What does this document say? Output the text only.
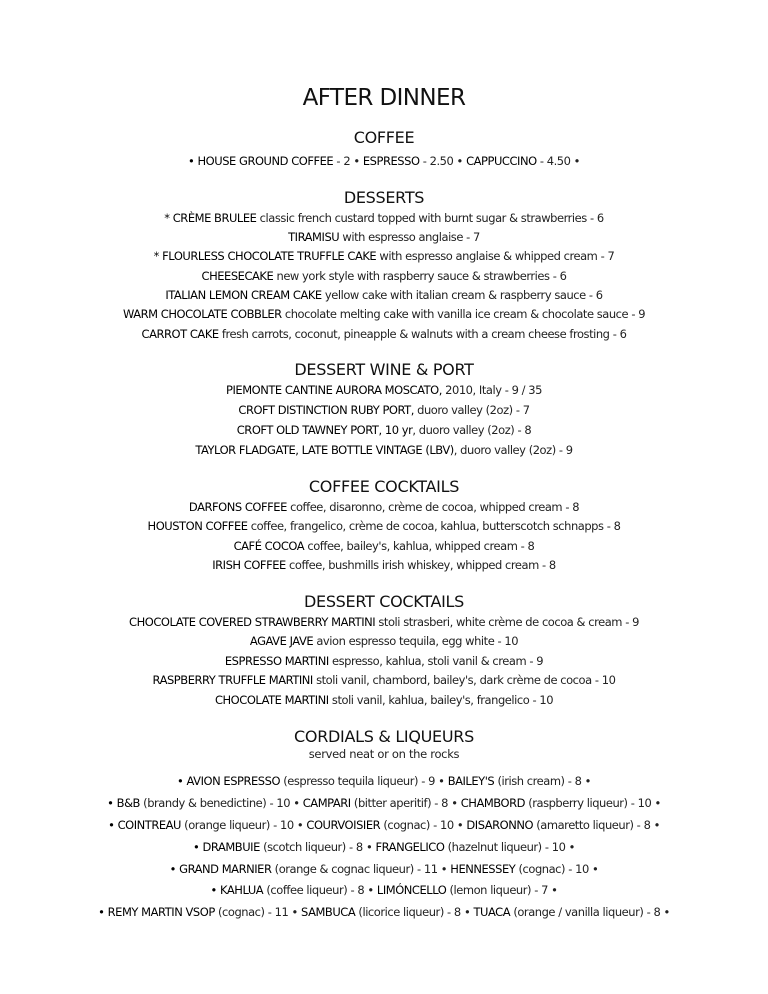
AFTER DINNER
COFFEE
• HOUSE GROUND COFFEE - 2 • ESPRESSO - 2.50 • CAPPUCCINO - 4.50 •
DESSERTS
* CRÈME BRULEE classic french custard topped with burnt sugar & strawberries - 6
TIRAMISU with espresso anglaise - 7
* FLOURLESS CHOCOLATE TRUFFLE CAKE with espresso anglaise & whipped cream - 7
CHEESECAKE new york style with raspberry sauce & strawberries - 6
ITALIAN LEMON CREAM CAKE yellow cake with italian cream & raspberry sauce - 6
WARM CHOCOLATE COBBLER chocolate melting cake with vanilla ice cream & chocolate sauce - 9
CARROT CAKE fresh carrots, coconut, pineapple & walnuts with a cream cheese frosting - 6
DESSERT WINE & PORT
PIEMONTE CANTINE AURORA MOSCATO, 2010, Italy - 9 / 35
CROFT DISTINCTION RUBY PORT, duoro valley (2oz) - 7
CROFT OLD TAWNEY PORT, 10 yr, duoro valley (2oz) - 8
TAYLOR FLADGATE, LATE BOTTLE VINTAGE (LBV), duoro valley (2oz) - 9
COFFEE COCKTAILS
DARFONS COFFEE coffee, disaronno, crème de cocoa, whipped cream - 8
HOUSTON COFFEE coffee, frangelico, crème de cocoa, kahlua, butterscotch schnapps - 8
CAFÉ COCOA coffee, bailey's, kahlua, whipped cream - 8
IRISH COFFEE coffee, bushmills irish whiskey, whipped cream - 8
DESSERT COCKTAILS
CHOCOLATE COVERED STRAWBERRY MARTINI stoli strasberi, white crème de cocoa & cream - 9
AGAVE JAVE avion espresso tequila, egg white - 10
ESPRESSO MARTINI espresso, kahlua, stoli vanil & cream - 9
RASPBERRY TRUFFLE MARTINI stoli vanil, chambord, bailey's, dark crème de cocoa - 10
CHOCOLATE MARTINI stoli vanil, kahlua, bailey's, frangelico - 10
CORDIALS & LIQUEURS
served neat or on the rocks
• AVION ESPRESSO (espresso tequila liqueur) - 9 • BAILEY'S (irish cream) - 8 •
• B&B (brandy & benedictine) - 10 • CAMPARI (bitter aperitif) - 8 • CHAMBORD (raspberry liqueur) - 10 •
• COINTREAU (orange liqueur) - 10 • COURVOISIER (cognac) - 10 • DISARONNO (amaretto liqueur) - 8 •
• DRAMBUIE (scotch liqueur) - 8 • FRANGELICO (hazelnut liqueur) - 10 •
• GRAND MARNIER (orange & cognac liqueur) - 11 • HENNESSEY (cognac) - 10 •
• KAHLUA (coffee liqueur) - 8 • LIMÓNCELLO (lemon liqueur) - 7 •
• REMY MARTIN VSOP (cognac) - 11 • SAMBUCA (licorice liqueur) - 8 • TUACA (orange / vanilla liqueur) - 8 •
